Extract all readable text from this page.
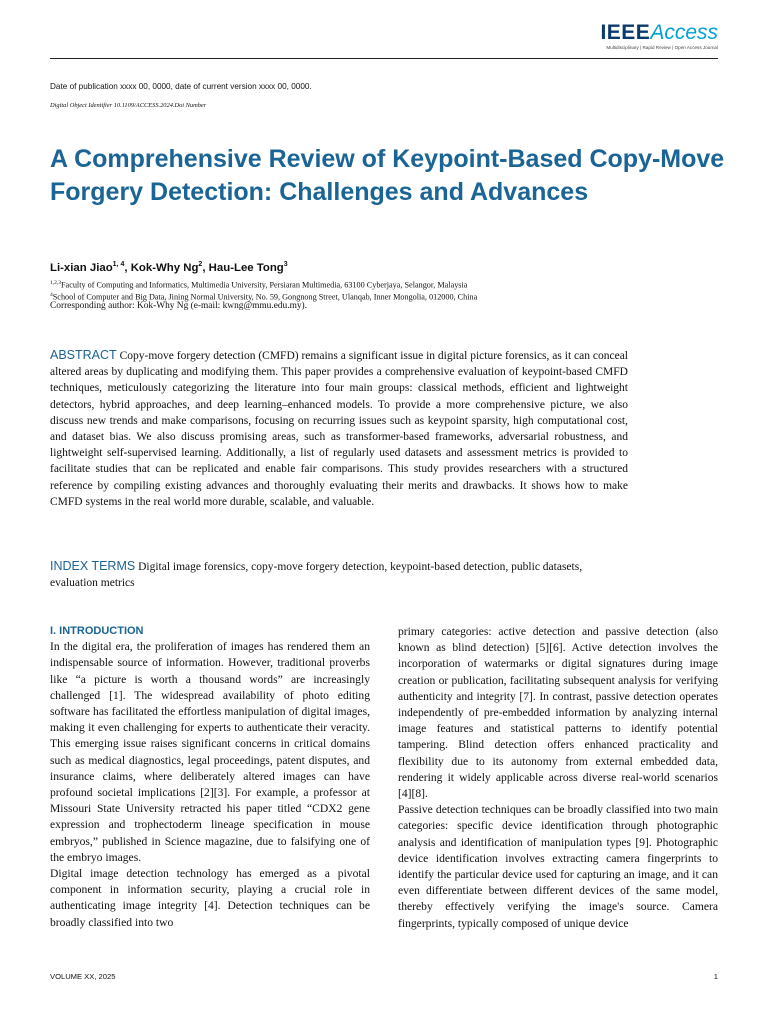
IEEEAccess
Multidisciplinary | Rapid Review | Open Access Journal
Date of publication xxxx 00, 0000, date of current version xxxx 00, 0000.
Digital Object Identifier 10.1109/ACCESS.2024.Doi Number
A Comprehensive Review of Keypoint-Based Copy-Move Forgery Detection: Challenges and Advances
Li-xian Jiao$^{1, 4}$, Kok-Why Ng$^2$, Hau-Lee Tong$^3$
$^{1,2,3}$Faculty of Computing and Informatics, Multimedia University, Persiaran Multimedia, 63100 Cyberjaya, Selangor, Malaysia
$^4$School of Computer and Big Data, Jining Normal University, No. 59, Gongnong Street, Ulanqab, Inner Mongolia, 012000, China
Corresponding author: Kok-Why Ng (e-mail: kwng@mmu.edu.my).
ABSTRACT Copy-move forgery detection (CMFD) remains a significant issue in digital picture forensics, as it can conceal altered areas by duplicating and modifying them. This paper provides a comprehensive evaluation of keypoint-based CMFD techniques, meticulously categorizing the literature into four main groups: classical methods, efficient and lightweight detectors, hybrid approaches, and deep learning–enhanced models. To provide a more comprehensive picture, we also discuss new trends and make comparisons, focusing on recurring issues such as keypoint sparsity, high computational cost, and dataset bias. We also discuss promising areas, such as transformer-based frameworks, adversarial robustness, and lightweight self-supervised learning. Additionally, a list of regularly used datasets and assessment metrics is provided to facilitate studies that can be replicated and enable fair comparisons. This study provides researchers with a structured reference by compiling existing advances and thoroughly evaluating their merits and drawbacks. It shows how to make CMFD systems in the real world more durable, scalable, and valuable.
INDEX TERMS Digital image forensics, copy-move forgery detection, keypoint-based detection, public datasets, evaluation metrics
I. INTRODUCTION

In the digital era, the proliferation of images has rendered them an indispensable source of information. However, traditional proverbs like “a picture is worth a thousand words” are increasingly challenged [1]. The widespread availability of photo editing software has facilitated the effortless manipulation of digital images, making it even challenging for experts to authenticate their veracity. This emerging issue raises significant concerns in critical domains such as medical diagnostics, legal proceedings, patent disputes, and insurance claims, where deliberately altered images can have profound societal implications [2][3]. For example, a professor at Missouri State University retracted his paper titled “CDX2 gene expression and trophectoderm lineage specification in mouse embryos,” published in Science magazine, due to falsifying one of the embryo images.

Digital image detection technology has emerged as a pivotal component in information security, playing a crucial role in authenticating image integrity [4]. Detection techniques can be broadly classified into two

primary categories: active detection and passive detection (also known as blind detection) [5][6]. Active detection involves the incorporation of watermarks or digital signatures during image creation or publication, facilitating subsequent analysis for verifying authenticity and integrity [7]. In contrast, passive detection operates independently of pre-embedded information by analyzing internal image features and statistical patterns to identify potential tampering. Blind detection offers enhanced practicality and flexibility due to its autonomy from external embedded data, rendering it widely applicable across diverse real-world scenarios [4][8].

Passive detection techniques can be broadly classified into two main categories: specific device identification through photographic analysis and identification of manipulation types [9]. Photographic device identification involves extracting camera fingerprints to identify the particular device used for capturing an image, and it can even differentiate between different devices of the same model, thereby effectively verifying the image's source. Camera fingerprints, typically composed of unique device

VOLUME XX, 2025	1
